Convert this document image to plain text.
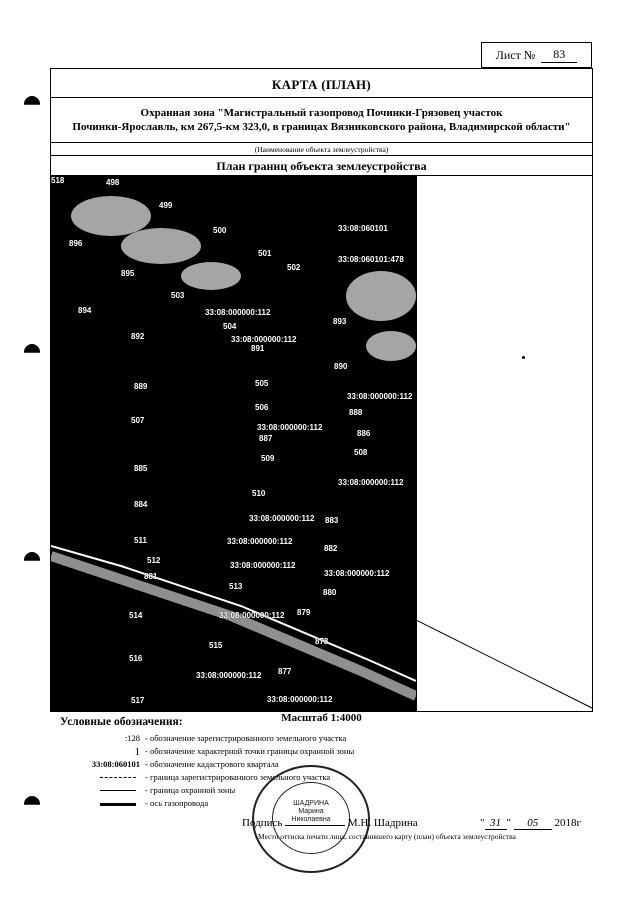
Лист №	83
КАРТА (ПЛАН)
Охранная зона "Магистральный газопровод Починки-Грязовец участок
Починки-Ярославль, км 267,5-км 323,0, в границах Вязниковского района, Владимирской области"
(Наименование объекта землеустройства)
План границ объекта землеустройства
498
499
500	33:08:060101
896
501
502
33:08:060101:478
895
503
894	33:08:000000:112
893
504
892	33:08:000000:112
891
890
505
889
33:08:000000:112
506
888
507
33:08:000000:112
887
886
508
509
885
33:08:000000:112
510
884
33:08:000000:112 883
511	33:08:000000:112
882
512
33:08:000000:112
881	33:08:000000:112
513
880
514	33:08:000000:112 879
515	878
516
33:08:000000:112 877
517	33:08:000000:112
518
Масштаб 1:4000
Условные обозначения:
:128 - обозначение зарегистрированного земельного участка
1 - обозначение характерной точки границы охранной зоны
33:08:060101 - обозначение кадастрового квартала
- граница зарегистрированного земельного участка
- граница охранной зоны
- ось газопровода	ШАДРИНА Марина Николаевна
Подпись	М.Н. Шадрина	" 31 " 05 2018г
Место оттиска печати лица, составившего карту (план) объекта землеустройства
